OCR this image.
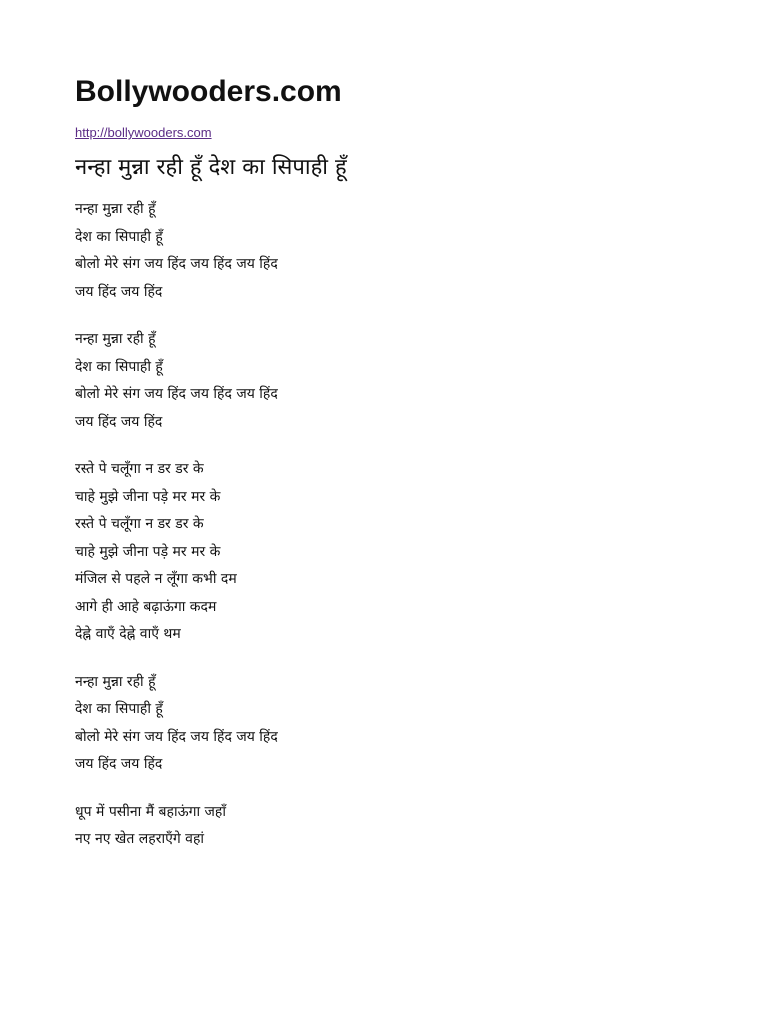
Bollywooders.com
http://bollywooders.com
नन्हा मुन्ना रही हूँ देश का सिपाही हूँ
नन्हा मुन्ना रही हूँ
देश का सिपाही हूँ
बोलो मेरे संग जय हिंद जय हिंद जय हिंद
जय हिंद जय हिंद
नन्हा मुन्ना रही हूँ
देश का सिपाही हूँ
बोलो मेरे संग जय हिंद जय हिंद जय हिंद
जय हिंद जय हिंद
रस्ते पे चलूँगा न डर डर के
चाहे मुझे जीना पड़े मर मर के
रस्ते पे चलूँगा न डर डर के
चाहे मुझे जीना पड़े मर मर के
मंजिल से पहले न लूँगा कभी दम
आगे ही आहे बढ़ाऊंगा कदम
देह्ने वाएँ देह्ने वाएँ थम
नन्हा मुन्ना रही हूँ
देश का सिपाही हूँ
बोलो मेरे संग जय हिंद जय हिंद जय हिंद
जय हिंद जय हिंद
धूप में पसीना मैं बहाऊंगा जहाँ
नए नए खेत लहराएँगे वहां
